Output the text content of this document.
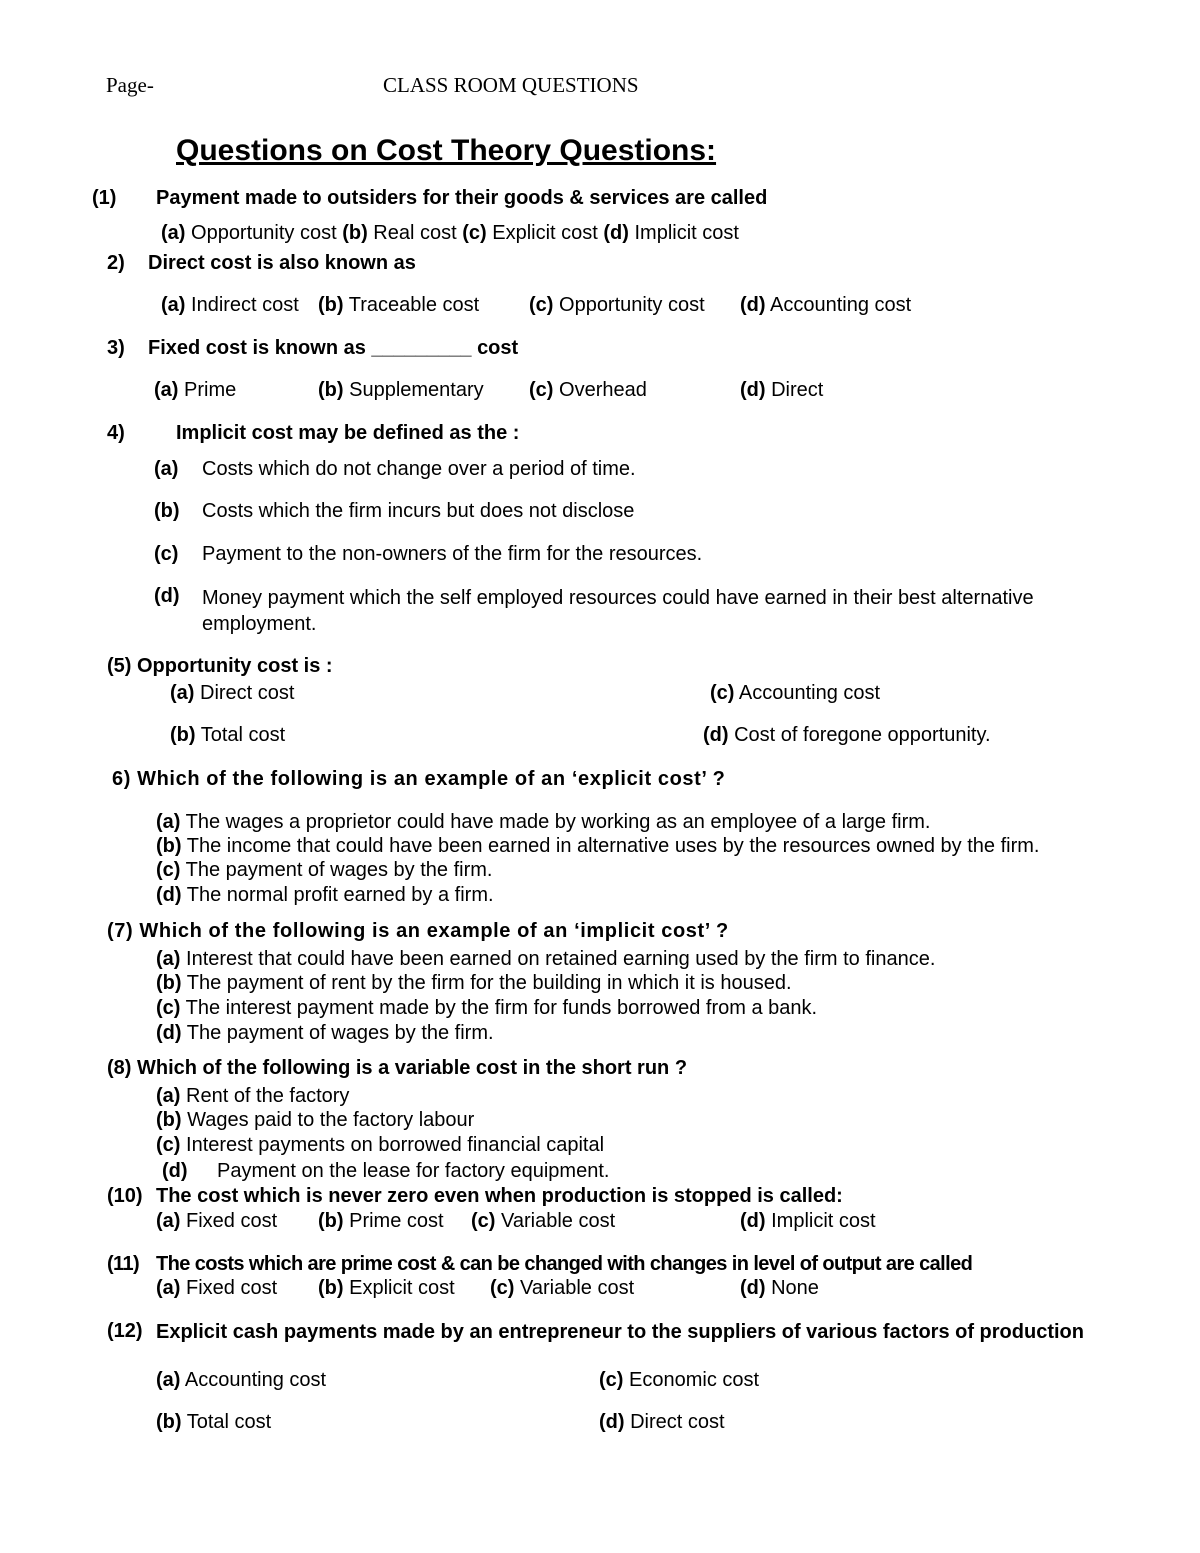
Page-	CLASS ROOM QUESTIONS
Questions on Cost Theory Questions:
(1) Payment made to outsiders for their goods & services are called
(a) Opportunity cost (b) Real cost (c) Explicit cost (d) Implicit cost
2) Direct cost is also known as
(a) Indirect cost (b) Traceable cost (c) Opportunity cost (d) Accounting cost
3) Fixed cost is known as _________ cost
(a) Prime	(b) Supplementary (c) Overhead	(d) Direct
4)	Implicit cost may be defined as the :
(a) Costs which do not change over a period of time.
(b) Costs which the firm incurs but does not disclose
(c) Payment to the non-owners of the firm for the resources.
(d) Money payment which the self employed resources could have earned in their best alternative employment.
(5) Opportunity cost is :
(a) Direct cost	(c) Accounting cost
(b) Total cost	(d) Cost of foregone opportunity.
6) Which of the following is an example of an ‘explicit cost’ ?
(a) The wages a proprietor could have made by working as an employee of a large firm.
(b) The income that could have been earned in alternative uses by the resources owned by the firm.
(c) The payment of wages by the firm.
(d) The normal profit earned by a firm.
(7) Which of the following is an example of an ‘implicit cost’ ?
(a) Interest that could have been earned on retained earning used by the firm to finance.
(b) The payment of rent by the firm for the building in which it is housed.
(c) The interest payment made by the firm for funds borrowed from a bank.
(d) The payment of wages by the firm.
(8) Which of the following is a variable cost in the short run ?
(a) Rent of the factory
(b) Wages paid to the factory labour
(c) Interest payments on borrowed financial capital
(d) Payment on the lease for factory equipment.
(10) The cost which is never zero even when production is stopped is called:
(a) Fixed cost (b) Prime cost (c) Variable cost	(d) Implicit cost
(11) The costs which are prime cost & can be changed with changes in level of output are called
(a) Fixed cost (b) Explicit cost (c) Variable cost	(d) None
(12) Explicit cash payments made by an entrepreneur to the suppliers of various factors of production
(a) Accounting cost	(c) Economic cost
(b) Total cost	(d) Direct cost
